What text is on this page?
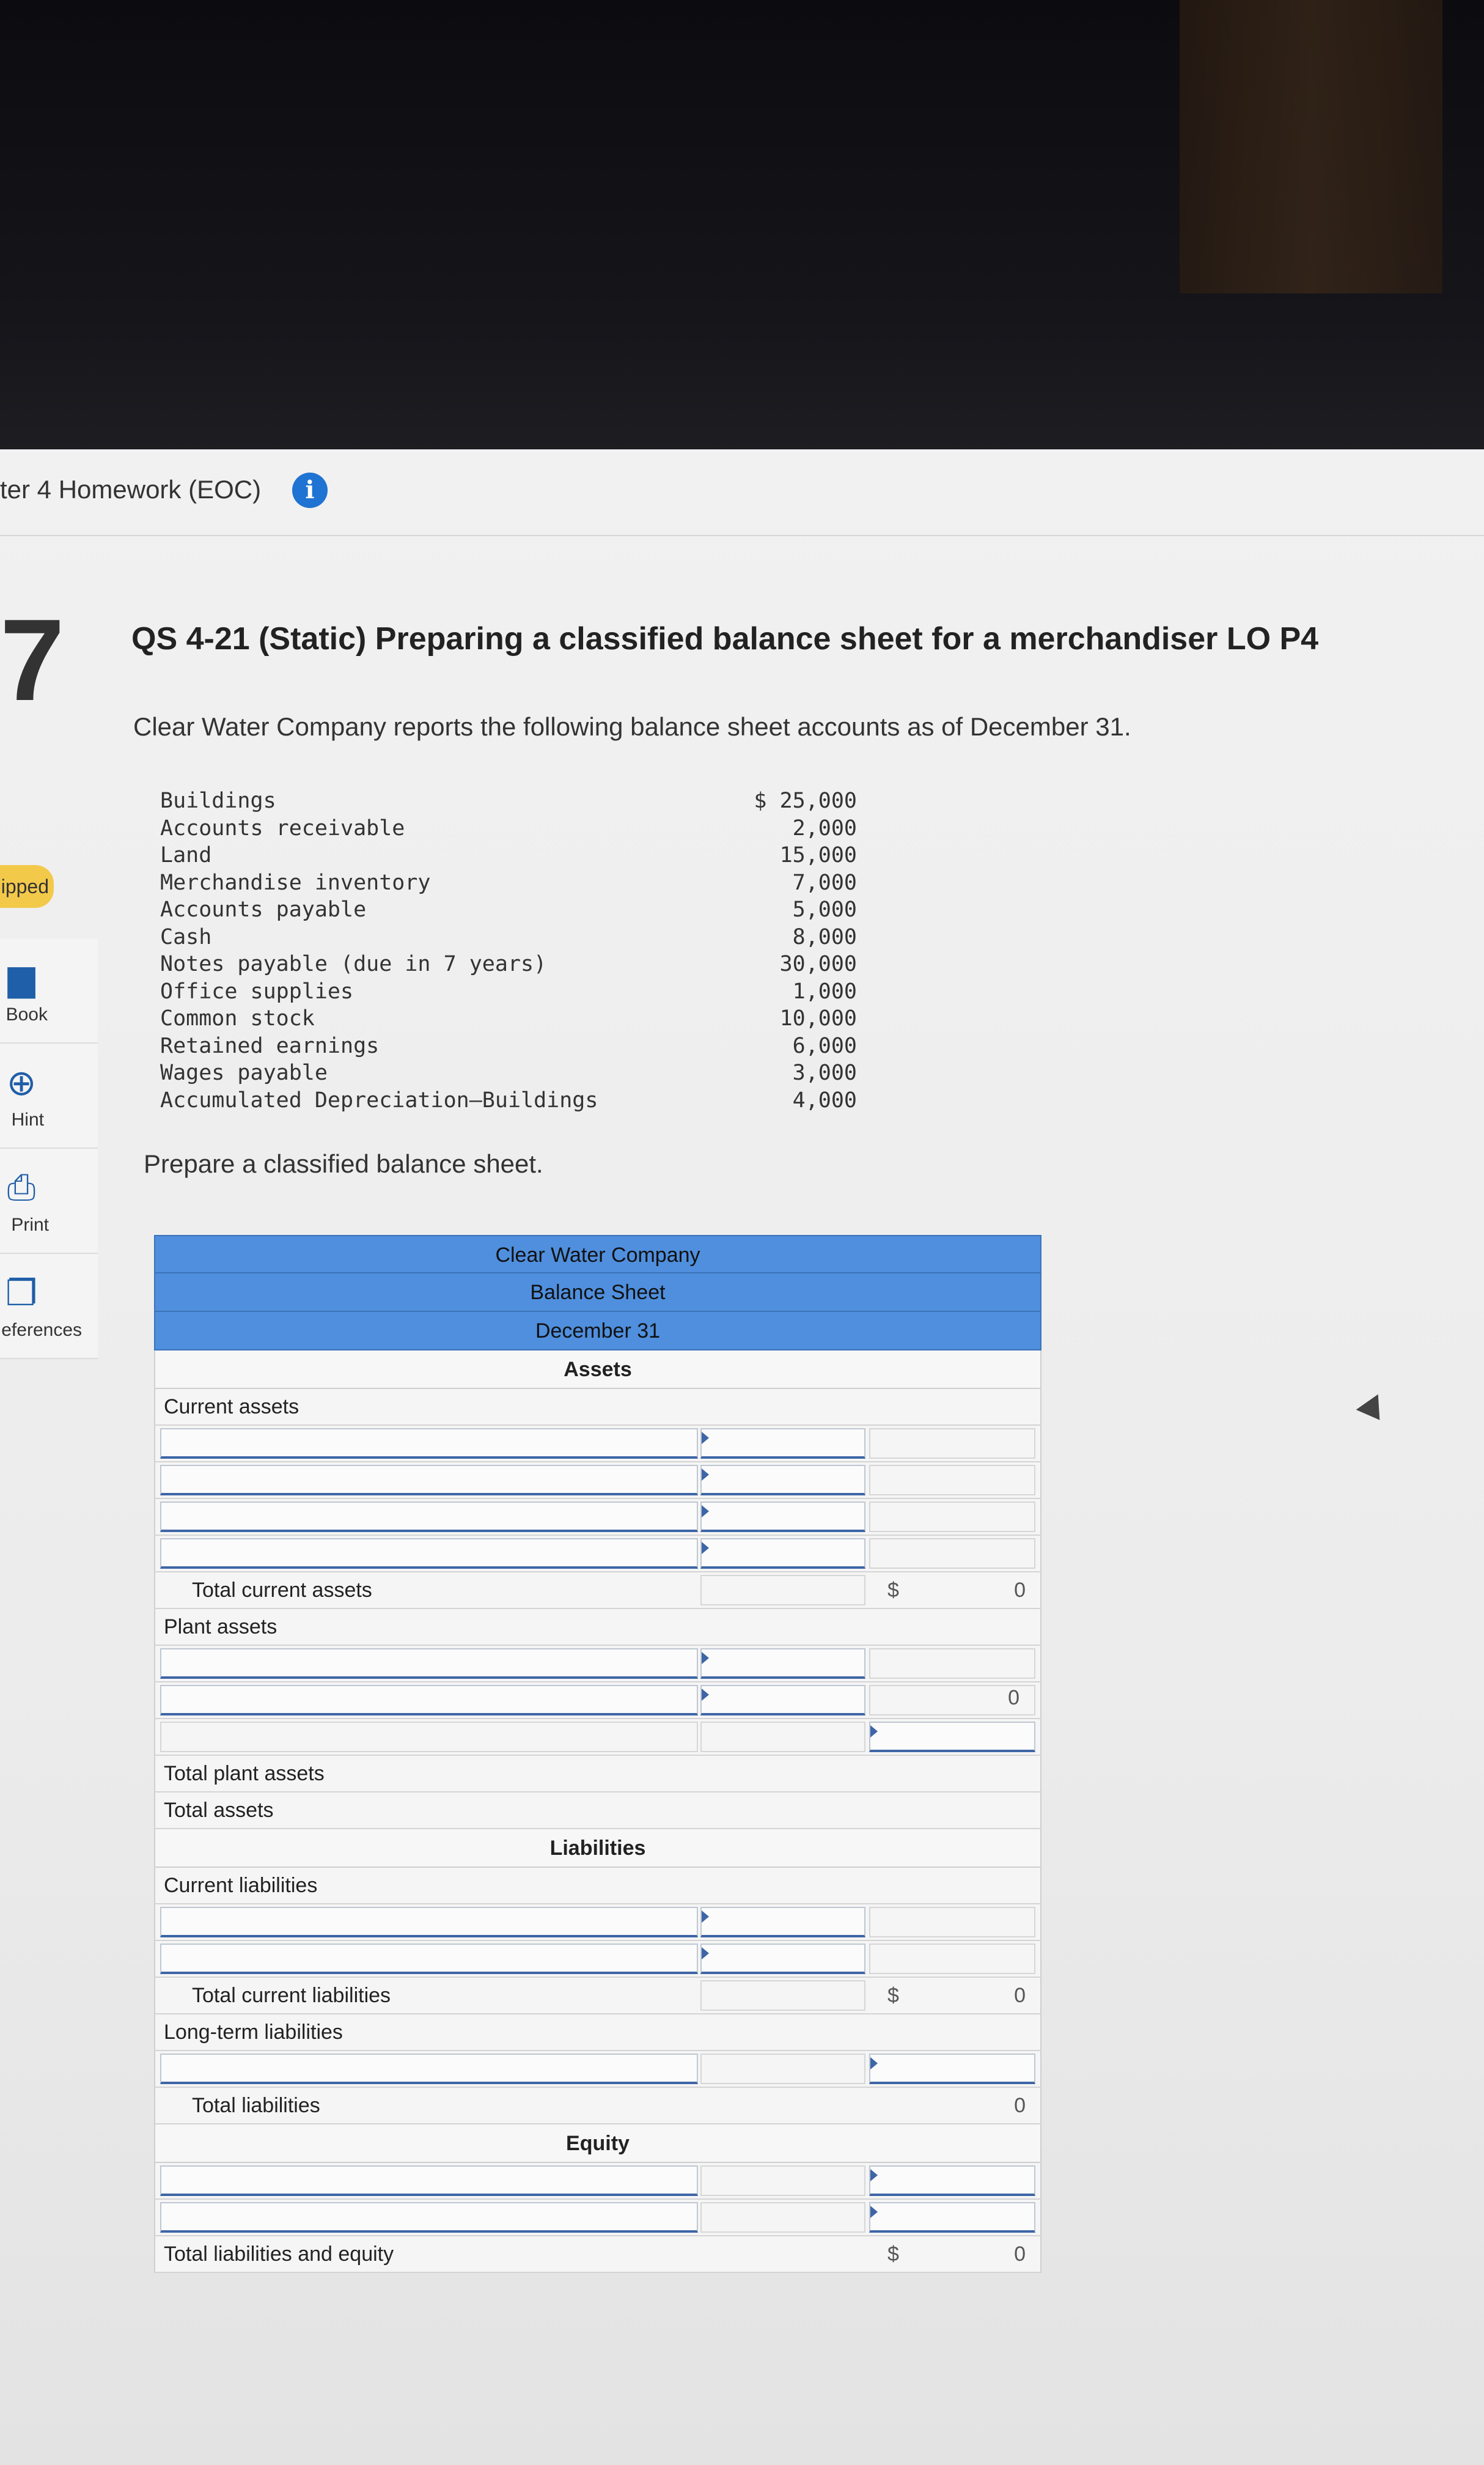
ter 4 Homework (EOC)	i
7
ipped
▆
Book
⊕
Hint
⎙
Print
❐
eferences
QS 4-21 (Static) Preparing a classified balance sheet for a merchandiser LO P4
Clear Water Company reports the following balance sheet accounts as of December 31.
Buildings	$ 25,000
Accounts receivable	2,000
Land	15,000
Merchandise inventory	7,000
Accounts payable	5,000
Cash	8,000
Notes payable (due in 7 years)	30,000
Office supplies	1,000
Common stock	10,000
Retained earnings	6,000
Wages payable	3,000
Accumulated Depreciation—Buildings	4,000
Prepare a classified balance sheet.
Clear Water Company
Balance Sheet
December 31
Assets
Current assets
Total current assets	$	0
Plant assets
0
Total plant assets
Total assets
Liabilities
Current liabilities
Total current liabilities	$	0
Long-term liabilities
Total liabilities	0
Equity
Total liabilities and equity	$	0
